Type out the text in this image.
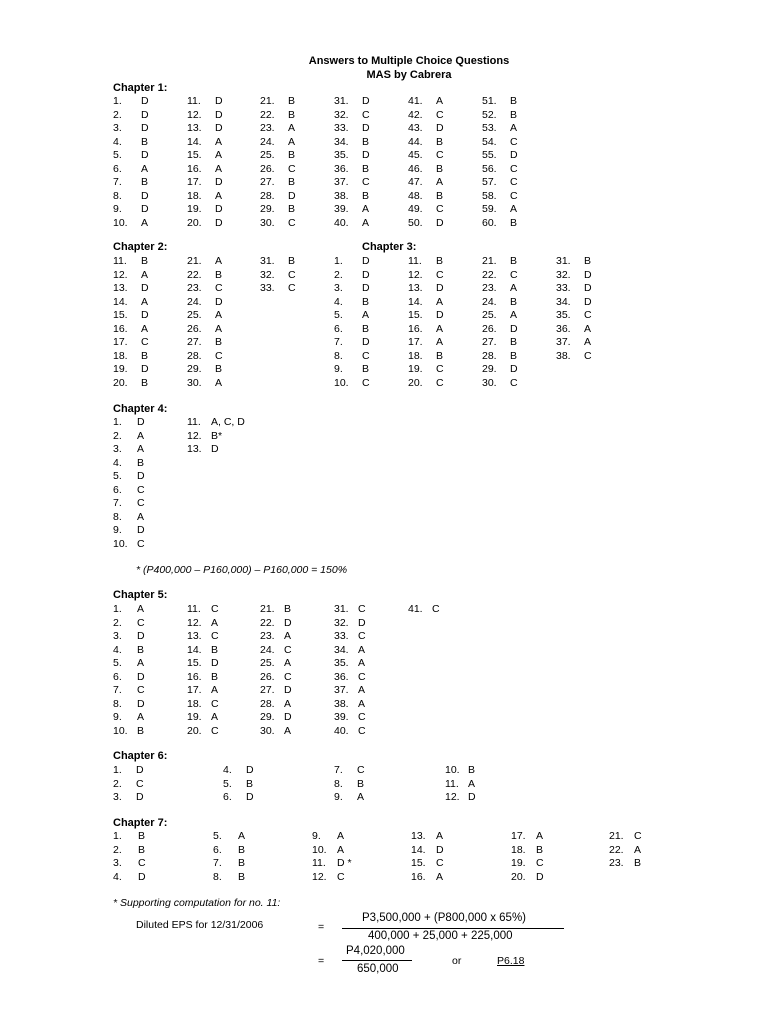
Answers to Multiple Choice Questions
MAS by Cabrera
Chapter 1:
1. D
2. D
3. D
4. B
5. D
6. A
7. B
8. D
9. D
10. A
11. D
12. D
13. D
14. A
15. A
16. A
17. D
18. A
19. D
20. D
21. B
22. B
23. A
24. A
25. B
26. C
27. B
28. D
29. B
30. C
31. D
32. C
33. D
34. B
35. D
36. B
37. C
38. B
39. A
40. A
41. A
42. C
43. D
44. B
45. C
46. B
47. A
48. B
49. C
50. D
51. B
52. B
53. A
54. C
55. D
56. C
57. C
58. C
59. A
60. B
Chapter 2:
11. B
12. A
13. D
14. A
15. D
16. A
17. C
18. B
19. D
20. B
21. A
22. B
23. C
24. D
25. A
26. A
27. B
28. C
29. B
30. A
31. B
32. C
33. C
Chapter 3:
1. D
2. D
3. D
4. B
5. A
6. B
7. D
8. C
9. B
10. C
11. B
12. C
13. D
14. A
15. D
16. A
17. A
18. B
19. C
20. C
21. B
22. C
23. A
24. B
25. A
26. D
27. B
28. B
29. D
30. C
31. B
32. D
33. D
34. D
35. C
36. A
37. A
38. C
Chapter 4:
1. D
2. A
3. A
4. B
5. D
6. C
7. C
8. A
9. D
10. C
11. A, C, D
12. B*
13. D
* (P400,000 – P160,000) – P160,000 = 150%
Chapter 5:
1. A
2. C
3. D
4. B
5. A
6. D
7. C
8. D
9. A
10. B
11. C
12. A
13. C
14. B
15. D
16. B
17. A
18. C
19. A
20. C
21. B
22. D
23. A
24. C
25. A
26. C
27. D
28. A
29. D
30. A
31. C
32. D
33. C
34. A
35. A
36. C
37. A
38. A
39. C
40. C
41. C
Chapter 6:
1. D
2. C
3. D
4. D
5. B
6. D
7. C
8. B
9. A
10. B
11. A
12. D
Chapter 7:
1. B
2. B
3. C
4. D
5. A
6. B
7. B
8. B
9. A
10. A
11. D *
12. C
13. A
14. D
15. C
16. A
17. A
18. B
19. C
20. D
21. C
22. A
23. B
* Supporting computation for no. 11:
Diluted EPS for 12/31/2006	=
P3,500,000 + (P800,000 x 65%)
400,000 + 25,000 + 225,000
=
P4,020,000
650,000
or	P6.18
